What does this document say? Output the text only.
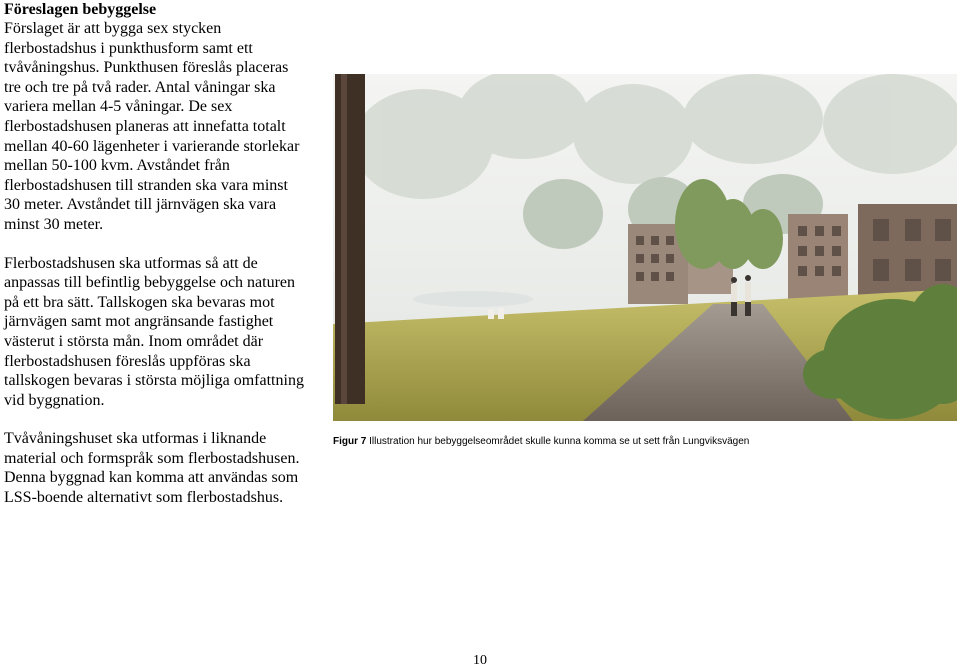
Föreslagen bebyggelse

Förslaget är att bygga sex stycken flerbostadshus i punkthusform samt ett tvåvåningshus. Punkthusen föreslås placeras tre och tre på två rader. Antal våningar ska variera mellan 4-5 våningar. De sex flerbostadshusen planeras att innefatta totalt mellan 40-60 lägenheter i varierande storlekar mellan 50-100 kvm. Avståndet från flerbostadshusen till stranden ska vara minst 30 meter. Avståndet till järnvägen ska vara minst 30 meter.

Flerbostadshusen ska utformas så att de anpassas till befintlig bebyggelse och naturen på ett bra sätt. Tallskogen ska bevaras mot järnvägen samt mot angränsande fastighet västerut i största mån. Inom området där flerbostadshusen föreslås uppföras ska tallskogen bevaras i största möjliga omfattning vid byggnation.

Tvåvåningshuset ska utformas i liknande material och formspråk som flerbostadshusen. Denna byggnad kan komma att användas som LSS-boende alternativt som flerbostadshus.

Figur 7 Illustration hur bebyggelseområdet skulle kunna komma se ut sett från Lungviksvägen
10
